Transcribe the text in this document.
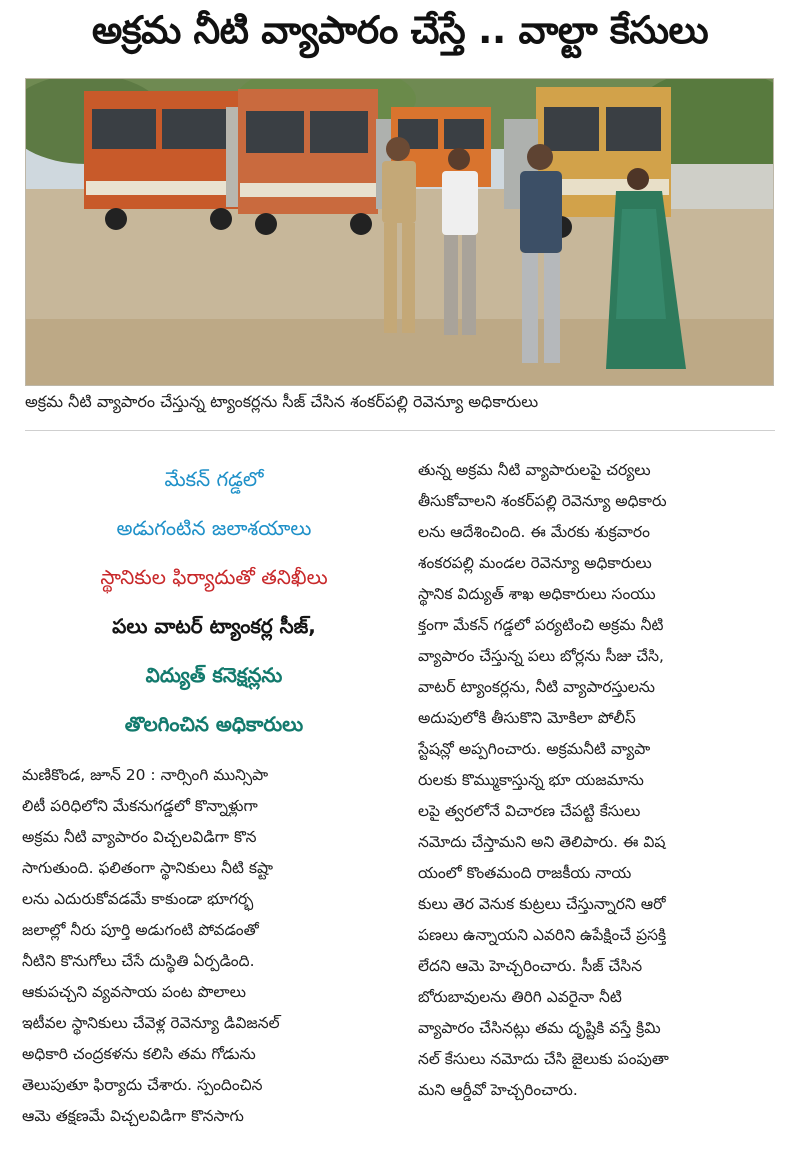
అక్రమ నీటి వ్యాపారం చేస్తే .. వాల్టా కేసులు
అక్రమ నీటి వ్యాపారం చేస్తున్న ట్యాంకర్లను సీజ్ చేసిన శంకర్‌పల్లి రెవెన్యూ అధికారులు
మేకన్ గడ్డలో
అడుగంటిన జలాశయాలు
స్థానికుల ఫిర్యాదుతో తనిఖీలు
పలు వాటర్ ట్యాంకర్ల సీజ్,
విద్యుత్ కనెక్షన్లను
తొలగించిన అధికారులు
మణికొండ, జూన్ 20 : నార్సింగి మున్సిపా
లిటీ పరిధిలోని మేకనుగడ్డలో కొన్నాళ్లుగా
అక్రమ నీటి వ్యాపారం విచ్చలవిడిగా కొన
సాగుతుంది. ఫలితంగా స్థానికులు నీటి కష్టా
లను ఎదురుకోవడమే కాకుండా భూగర్భ
జలాల్లో నీరు పూర్తి అడుగంటి పోవడంతో
నీటిని కొనుగోలు చేసే దుస్థితి ఏర్పడింది.
ఆకుపచ్చని వ్యవసాయ పంట పొలాలు
ఇటీవల స్థానికులు చేవెళ్ల రెవెన్యూ డివిజనల్
అధికారి చంద్రకళను కలిసి తమ గోడును
తెలుపుతూ ఫిర్యాదు చేశారు. స్పందించిన
ఆమె తక్షణమే విచ్చలవిడిగా కొనసాగు
తున్న అక్రమ నీటి వ్యాపారులపై చర్యలు
తీసుకోవాలని శంకర్‌పల్లి రెవెన్యూ అధికారు
లను ఆదేశించింది. ఈ మేరకు శుక్రవారం
శంకరపల్లి మండల రెవెన్యూ అధికారులు
స్థానిక విద్యుత్ శాఖ అధికారులు సంయు
క్తంగా మేకన్ గడ్డలో పర్యటించి అక్రమ నీటి
వ్యాపారం చేస్తున్న పలు బోర్లను సీజు చేసి,
వాటర్ ట్యాంకర్లను, నీటి వ్యాపారస్తులను
అదుపులోకి తీసుకొని మోకిలా పోలీస్
స్టేషన్లో అప్పగించారు. అక్రమనీటి వ్యాపా
రులకు కొమ్ముకాస్తున్న భూ యజమాను
లపై త్వరలోనే విచారణ చేపట్టి కేసులు
నమోదు చేస్తామని అని తెలిపారు. ఈ విష
యంలో కొంతమంది రాజకీయ నాయ
కులు తెర వెనుక కుట్రలు చేస్తున్నారని ఆరో
పణలు ఉన్నాయని ఎవరిని ఉపేక్షించే ప్రసక్తి
లేదని ఆమె హెచ్చరించారు. సీజ్ చేసిన
బోరుబావులను తిరిగి ఎవరైనా నీటి
వ్యాపారం చేసినట్లు తమ దృష్టికి వస్తే క్రిమి
నల్ కేసులు నమోదు చేసి జైలుకు పంపుతా
మని ఆర్డీవో హెచ్చరించారు.
